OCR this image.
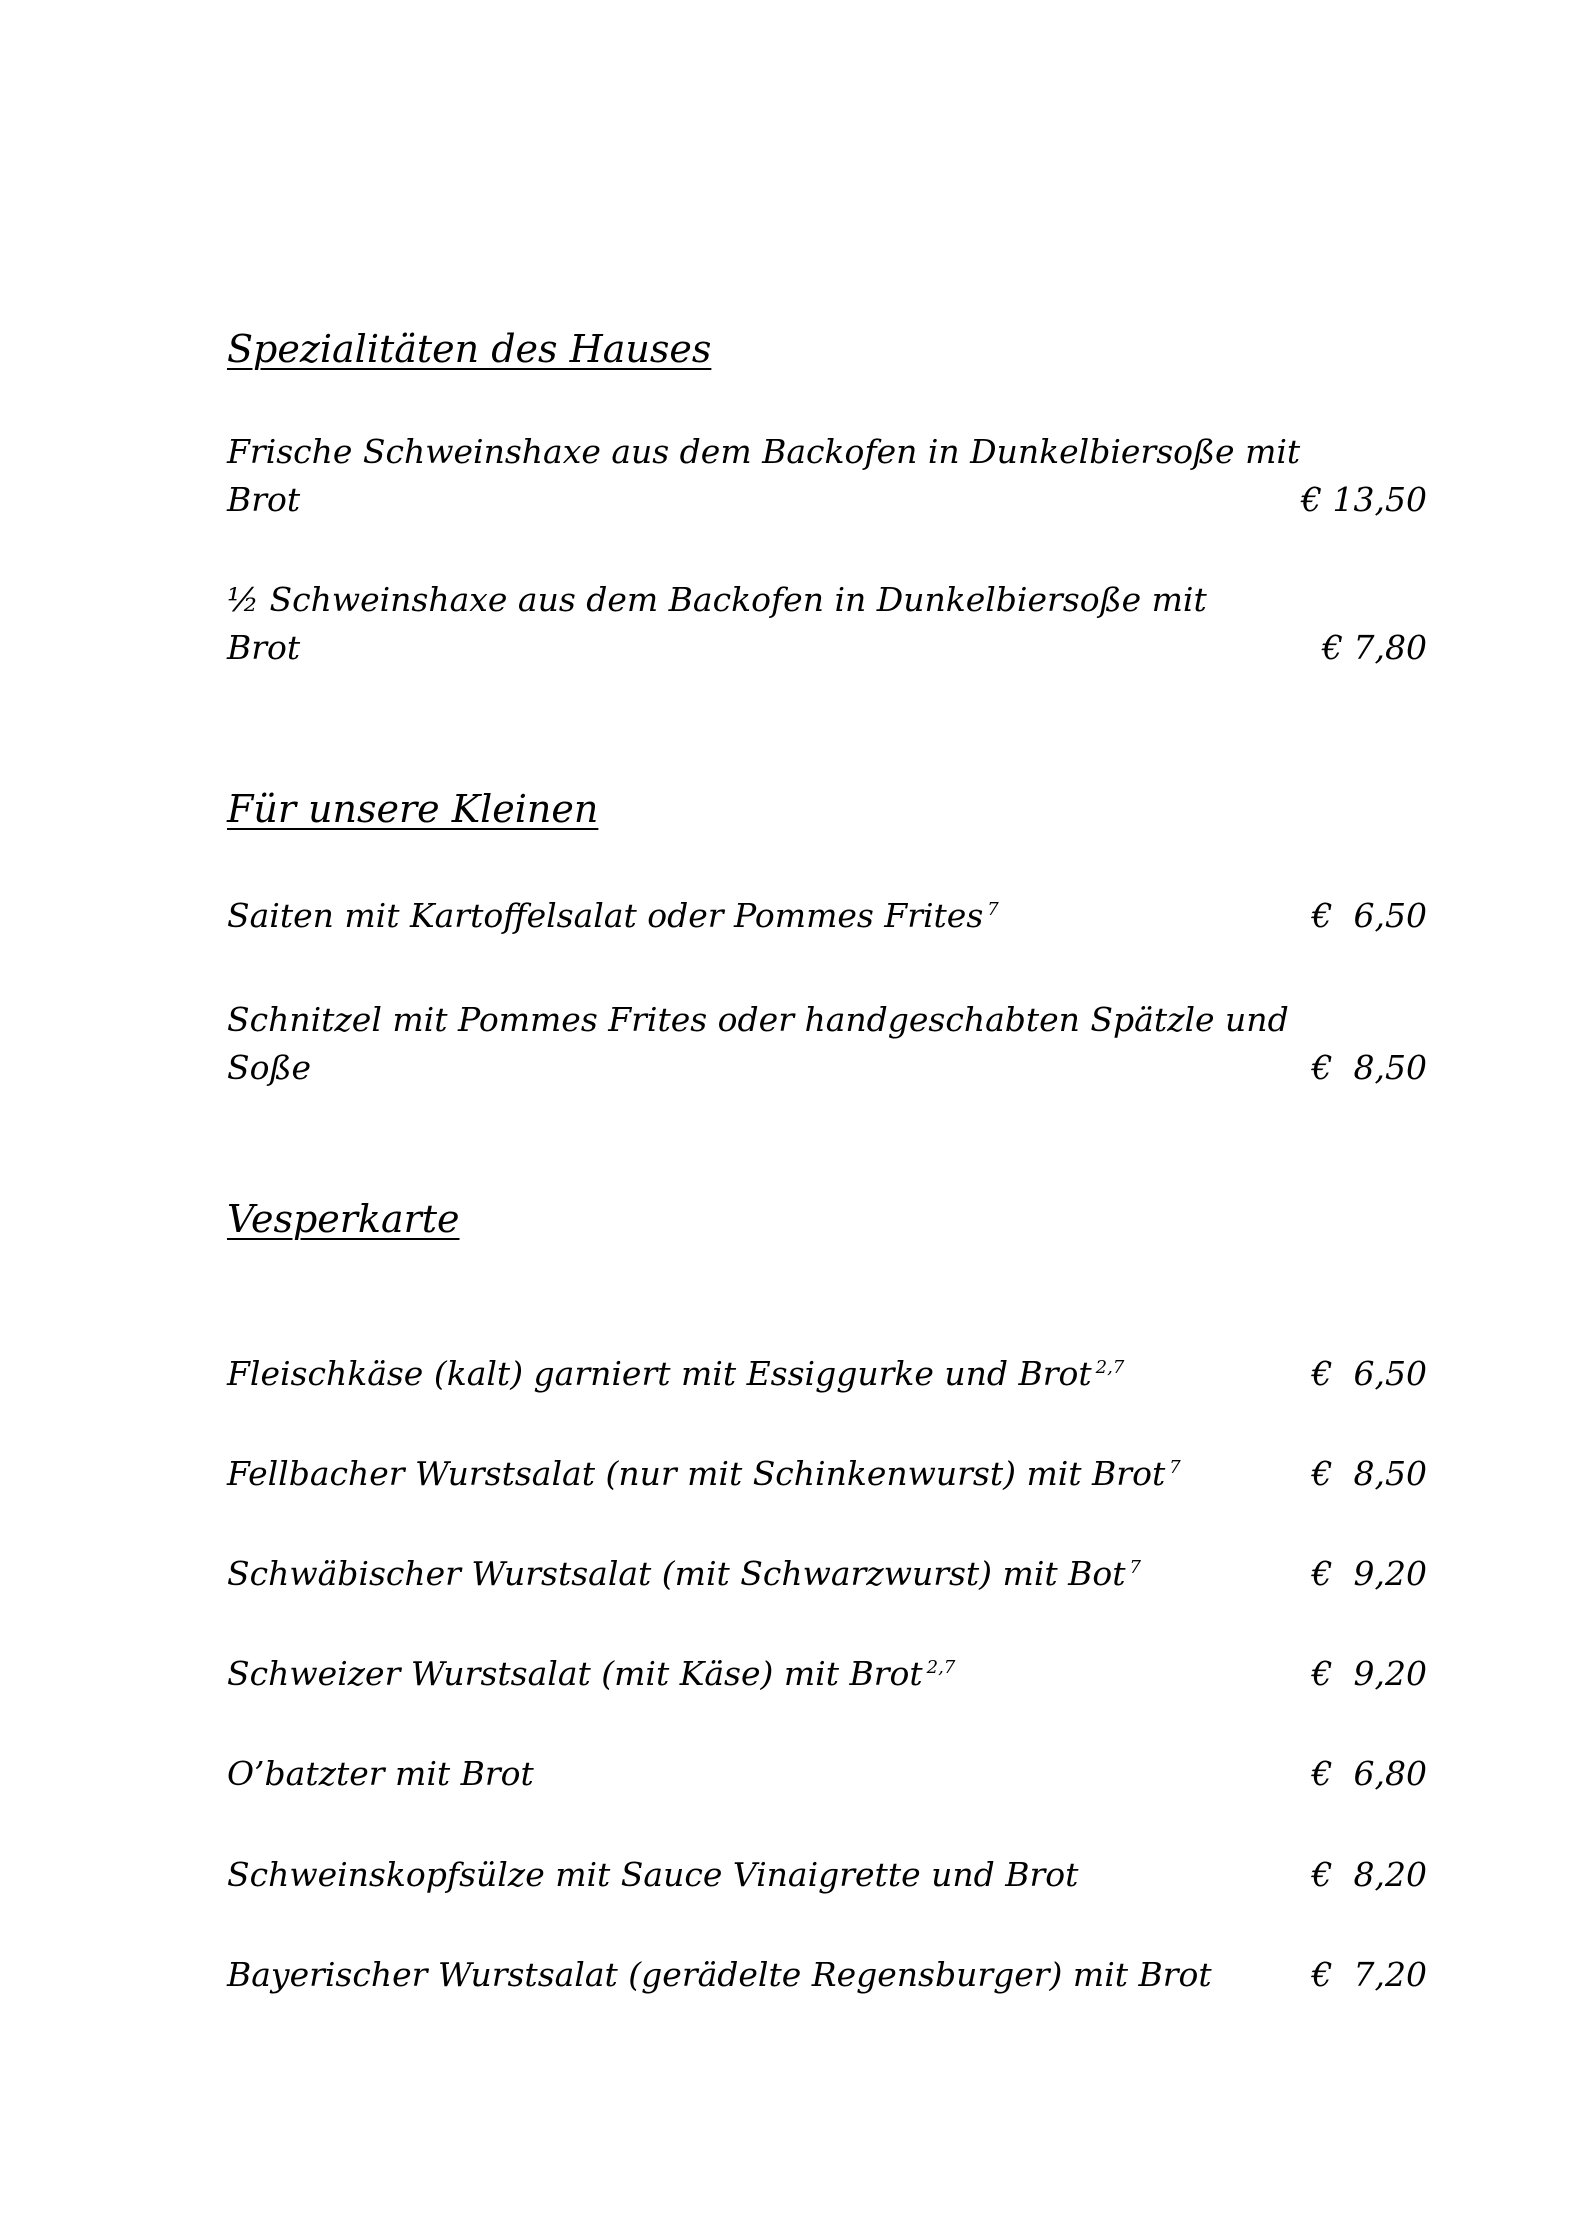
Spezialitäten des Hauses
Frische Schweinshaxe aus dem Backofen in Dunkelbiersoße mit
Brot	€ 13,50
½ Schweinshaxe aus dem Backofen in Dunkelbiersoße mit
Brot	€ 7,80
Für unsere Kleinen
Saiten mit Kartoffelsalat oder Pommes Frites $^7$	€  6,50
Schnitzel mit Pommes Frites oder handgeschabten Spätzle und
Soße	€  8,50
Vesperkarte
Fleischkäse (kalt) garniert mit Essiggurke und Brot $^{2,7}$	€  6,50
Fellbacher Wurstsalat (nur mit Schinkenwurst) mit Brot $^7$	€  8,50
Schwäbischer Wurstsalat (mit Schwarzwurst) mit Bot $^7$	€  9,20
Schweizer Wurstsalat (mit Käse) mit Brot $^{2,7}$	€  9,20
O’batzter mit Brot	€  6,80
Schweinskopfsülze mit Sauce Vinaigrette und Brot	€  8,20
Bayerischer Wurstsalat (gerädelte Regensburger) mit Brot	€  7,20
